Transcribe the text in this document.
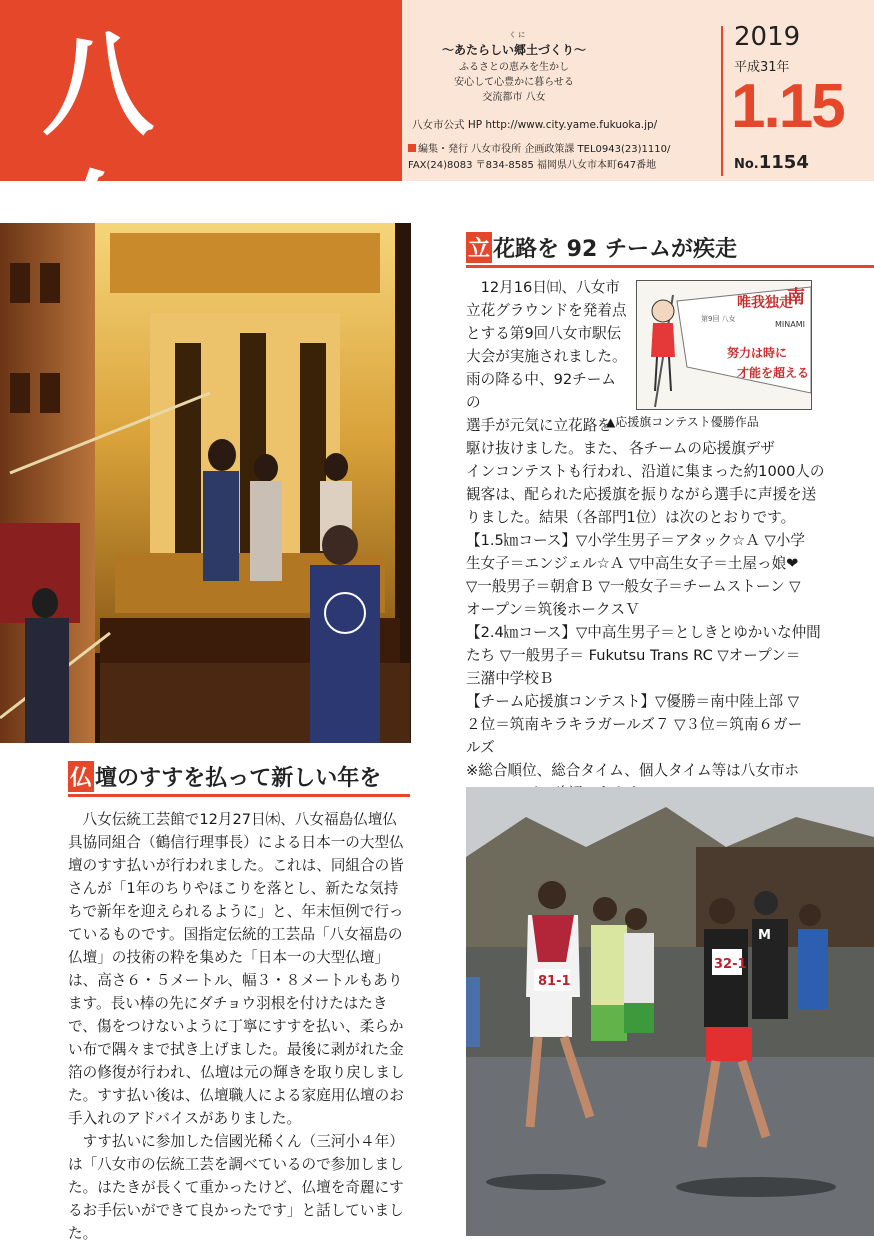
八	く に
〜あたらしい郷土づくり〜
ふるさとの恵みを生かし
安心して心豊かに暮らせる
交流都市 八女
八女市公式 HP http://www.city.yame.fukuoka.jp/
編集・発行 八女市役所 企画政策課 TEL0943(23)1110/
FAX(24)8083 〒834-8585 福岡県八女市本町647番地
2019
平成31年
1.15
No.1154
立 花路を 92 チームが疾走
12月16日㈰、八女市
立花グラウンドを発着点
とする第9回八女市駅伝
大会が実施されました。
雨の降る中、92チームの
選手が元気に立花路を
駆け抜けました。また、
唯我独走
南
MINAMI
第9回 八女
努力は時に
才能を超える
▲応援旗コンテスト優勝作品
各チームの応援旗デザ
インコンテストも行われ、沿道に集まった約1000人の
観客は、配られた応援旗を振りながら選手に声援を送
りました。結果（各部門1位）は次のとおりです。
【1.5㎞コース】▽小学生男子＝アタック☆Ａ ▽小学
生女子＝エンジェル☆Ａ ▽中高生女子＝土屋っ娘❤
▽一般男子＝朝倉Ｂ ▽一般女子＝チームストーン ▽
オープン＝筑後ホークスＶ
【2.4㎞コース】▽中高生男子＝としきとゆかいな仲間
たち ▽一般男子＝ Fukutsu Trans RC ▽オープン＝
三潴中学校Ｂ
【チーム応援旗コンテスト】▽優勝＝南中陸上部 ▽
２位＝筑南キラキラガールズ７ ▽３位＝筑南６ガー
ルズ
※総合順位、総合タイム、個人タイム等は八女市ホ
81-1
32-1
M
仏 壇のすすを払って新しい年を

八女伝統工芸館で12月27日㈭、八女福島仏壇仏具協同組合（鶴信行理事長）による日本一の大型仏壇のすす払いが行われました。これは、同組合の皆さんが「1年のちりやほこりを落とし、新たな気持ちで新年を迎えられるように」と、年末恒例で行っているものです。国指定伝統的工芸品「八女福島の仏壇」の技術の粋を集めた「日本一の大型仏壇」は、高さ６・５メートル、幅３・８メートルもあります。長い棒の先にダチョウ羽根を付けたはたきで、傷をつけないように丁寧にすすを払い、柔らかい布で隅々まで拭き上げました。最後に剥がれた金箔の修復が行われ、仏壇は元の輝きを取り戻しました。すす払い後は、仏壇職人による家庭用仏壇のお手入れのアドバイスがありました。

すす払いに参加した信國光稀くん（三河小４年）は「八女市の伝統工芸を調べているので参加しました。はたきが長くて重かったけど、仏壇を奇麗にするお手伝いができて良かったです」と話していました。
